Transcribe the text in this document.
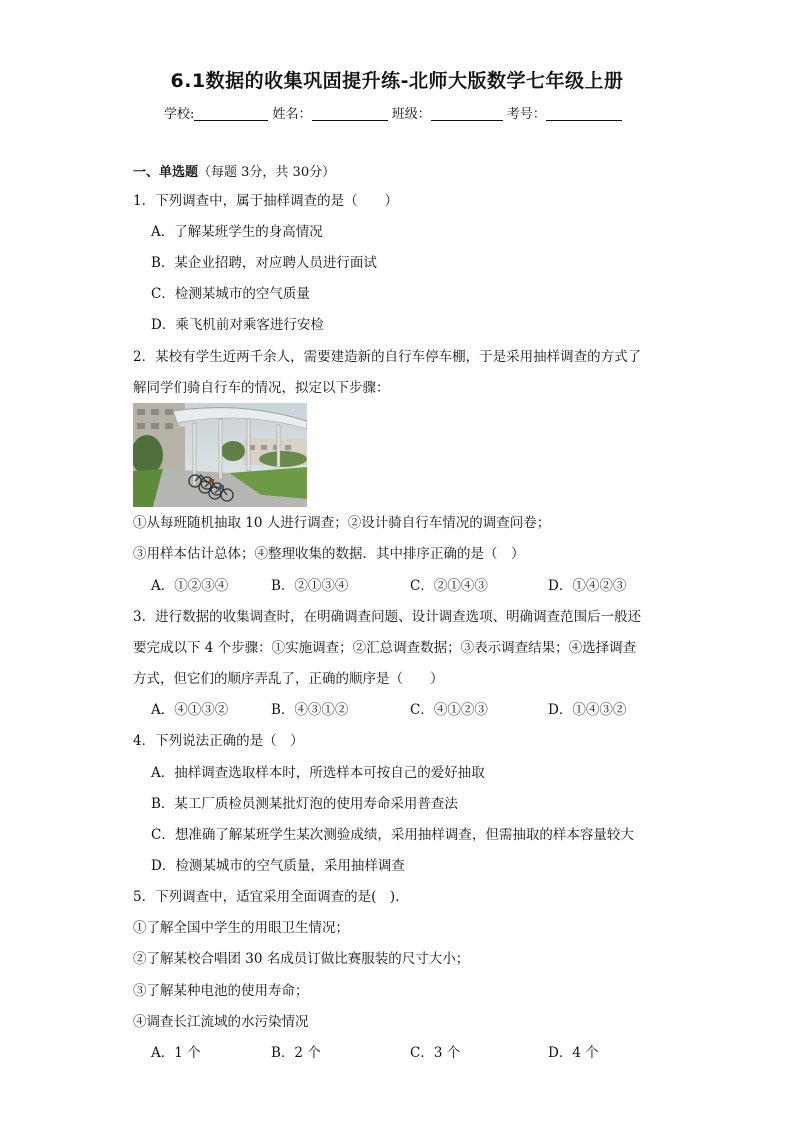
6.1数据的收集巩固提升练-北师大版数学七年级上册
学校:	姓名：	班级：	考号：
一、单选题（每题 3分，共 30分）
1．下列调查中，属于抽样调查的是（　　）
A．了解某班学生的身高情况
B．某企业招聘，对应聘人员进行面试
C．检测某城市的空气质量
D．乘飞机前对乘客进行安检
2．某校有学生近两千余人，需要建造新的自行车停车棚，于是采用抽样调查的方式了
解同学们骑自行车的情况，拟定以下步骤：
①从每班随机抽取 10 人进行调查；②设计骑自行车情况的调查问卷；
③用样本估计总体；④整理收集的数据．其中排序正确的是（　）
A．①②③④	B．②①③④	C．②①④③	D．①④②③
3．进行数据的收集调查时，在明确调查问题、设计调查选项、明确调查范围后一般还
要完成以下 4 个步骤：①实施调查；②汇总调查数据；③表示调查结果；④选择调查
方式，但它们的顺序弄乱了，正确的顺序是（　　）
A．④①③②	B．④③①②	C．④①②③	D．①④③②
4．下列说法正确的是（　）
A．抽样调查选取样本时，所选样本可按自己的爱好抽取
B．某工厂质检员测某批灯泡的使用寿命采用普查法
C．想准确了解某班学生某次测验成绩，采用抽样调查，但需抽取的样本容量较大
D．检测某城市的空气质量，采用抽样调查
5．下列调查中，适宜采用全面调查的是(　).
①了解全国中学生的用眼卫生情况；
②了解某校合唱团 30 名成员订做比赛服装的尺寸大小；
③了解某种电池的使用寿命；
④调查长江流域的水污染情况
A．1 个	B．2 个	C．3 个	D．4 个
